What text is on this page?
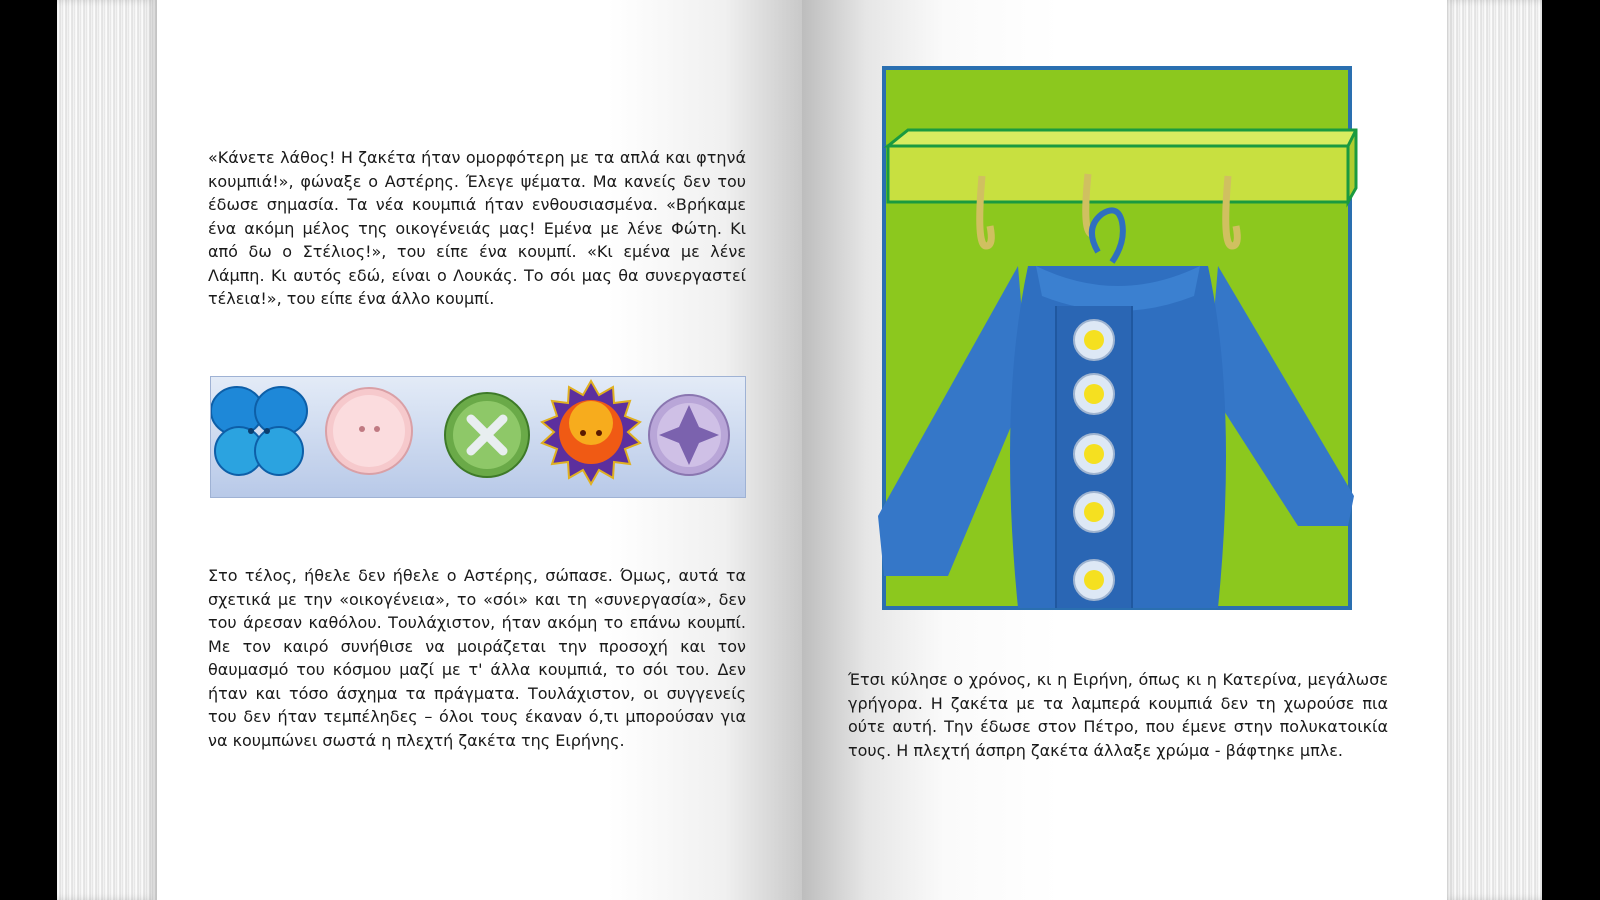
«Κάνετε λάθος! Η ζακέτα ήταν ομορφότερη με τα απλά και φτηνά κουμπιά!», φώναξε ο Αστέρης. Έλεγε ψέματα. Μα κανείς δεν του έδωσε σημασία. Τα νέα κουμπιά ήταν ενθουσιασμένα. «Βρήκαμε ένα ακόμη μέλος της οικογένειάς μας! Εμένα με λένε Φώτη. Κι από δω ο Στέλιος!», του είπε ένα κουμπί. «Κι εμένα με λένε Λάμπη. Κι αυτός εδώ, είναι ο Λουκάς. Το σόι μας θα συνεργαστεί τέλεια!», του είπε ένα άλλο κουμπί.

Στο τέλος, ήθελε δεν ήθελε ο Αστέρης, σώπασε. Όμως, αυτά τα σχετικά με την «οικογένεια», το «σόι» και τη «συνεργασία», δεν του άρεσαν καθόλου. Τουλάχιστον, ήταν ακόμη το επάνω κουμπί. Με τον καιρό συνήθισε να μοιράζεται την προσοχή και τον θαυμασμό του κόσμου μαζί με τ' άλλα κουμπιά, το σόι του. Δεν ήταν και τόσο άσχημα τα πράγματα. Τουλάχιστον, οι συγγενείς του δεν ήταν τεμπέληδες – όλοι τους έκαναν ό,τι μπορούσαν για να κουμπώνει σωστά η πλεχτή ζακέτα της Ειρήνης.

Έτσι κύλησε ο χρόνος, κι η Ειρήνη, όπως κι η Κατερίνα, μεγάλωσε γρήγορα. Η ζακέτα με τα λαμπερά κουμπιά δεν τη χωρούσε πια ούτε αυτή. Την έδωσε στον Πέτρο, που έμενε στην πολυκατοικία τους. Η πλεχτή άσπρη ζακέτα άλλαξε χρώμα - βάφτηκε μπλε.
